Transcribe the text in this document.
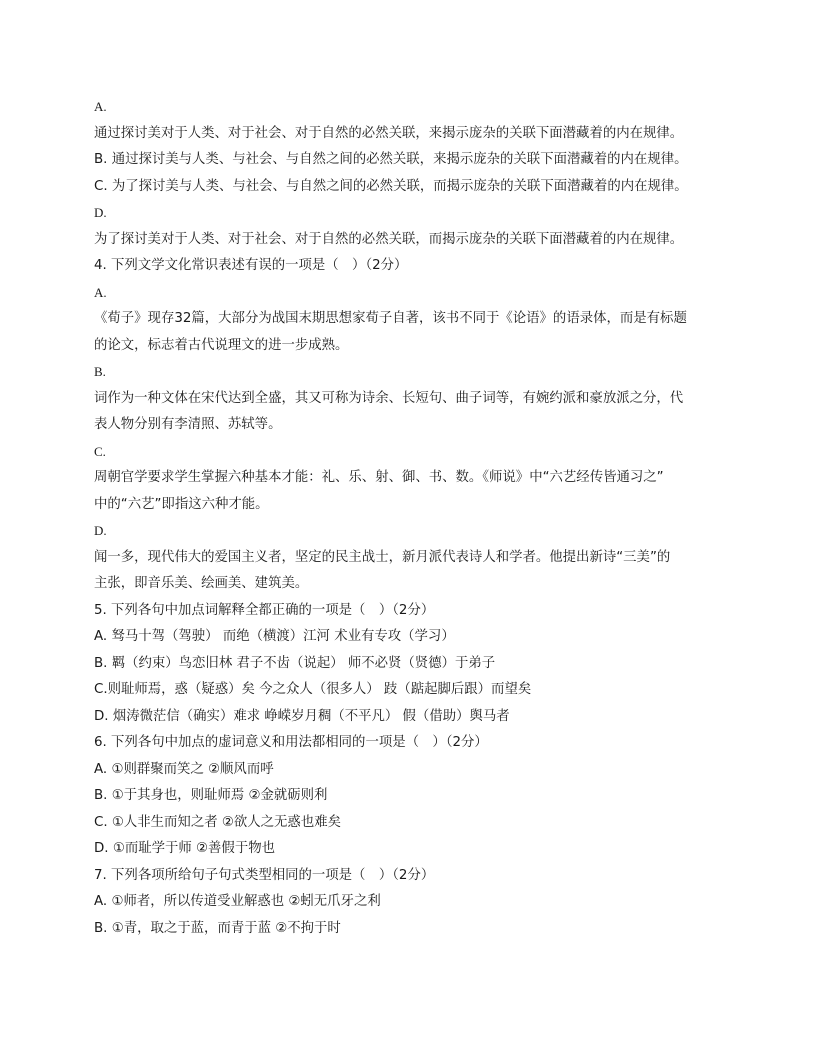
A.
通过探讨美对于人类、对于社会、对于自然的必然关联，来揭示庞杂的关联下面潜藏着的内在规律。
B. 通过探讨美与人类、与社会、与自然之间的必然关联，来揭示庞杂的关联下面潜藏着的内在规律。
C. 为了探讨美与人类、与社会、与自然之间的必然关联，而揭示庞杂的关联下面潜藏着的内在规律。
D.
为了探讨美对于人类、对于社会、对于自然的必然关联，而揭示庞杂的关联下面潜藏着的内在规律。
4. 下列文学文化常识表述有误的一项是（　）（2分）
A.
《荀子》现存32篇，大部分为战国末期思想家荀子自著，该书不同于《论语》的语录体，而是有标题
的论文，标志着古代说理文的进一步成熟。
B.
词作为一种文体在宋代达到全盛，其又可称为诗余、长短句、曲子词等，有婉约派和豪放派之分，代
表人物分别有李清照、苏轼等。
C.
周朝官学要求学生掌握六种基本才能：礼、乐、射、御、书、数。《师说》中“六艺经传皆通习之”
中的“六艺”即指这六种才能。
D.
闻一多，现代伟大的爱国主义者，坚定的民主战士，新月派代表诗人和学者。他提出新诗“三美”的
主张，即音乐美、绘画美、建筑美。
5. 下列各句中加点词解释全都正确的一项是（　）（2分）
A. 驽马十驾（驾驶） 而绝（横渡）江河 术业有专攻（学习）
B. 羁（约束）鸟恋旧林 君子不齿（说起） 师不必贤（贤德）于弟子
C.则耻师焉，惑（疑惑）矣 今之众人（很多人） 跂（踮起脚后跟）而望矣
D. 烟涛微茫信（确实）难求 峥嵘岁月稠（不平凡） 假（借助）舆马者
6. 下列各句中加点的虚词意义和用法都相同的一项是（　）（2分）
A. ①则群聚而笑之 ②顺风而呼
B. ①于其身也，则耻师焉 ②金就砺则利
C. ①人非生而知之者 ②欲人之无惑也难矣
D. ①而耻学于师 ②善假于物也
7. 下列各项所给句子句式类型相同的一项是（　）（2分）
A. ①师者，所以传道受业解惑也 ②蚓无爪牙之利
B. ①青，取之于蓝，而青于蓝 ②不拘于时
